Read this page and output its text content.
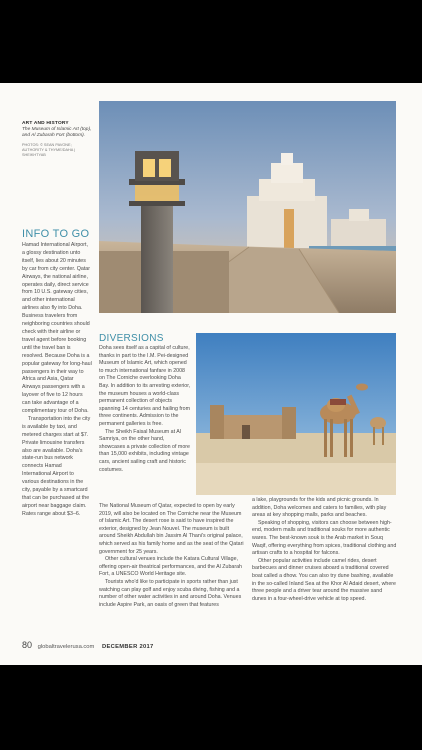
ART AND HISTORY
The Museum of Islamic Art (top), and Al Zubarah Fort (bottom).
PHOTOS: © SEAN PAVONE; AUTHORITY & THYME/DAHA | SHEIKHTYAB
INFO TO GO

Hamad International Airport, a glossy destination unto itself, lies about 20 minutes by car from city center. Qatar Airways, the national airline, operates daily, direct service from 10 U.S. gateway cities, and other international airlines also fly into Doha. Business travelers from neighboring countries should check with their airline or travel agent before booking until the travel ban is resolved. Because Doha is a popular gateway for long-haul passengers in their way to Africa and Asia, Qatar Airways passengers with a layover of five to 12 hours can take advantage of a complimentary tour of Doha.

Transportation into the city is available by taxi, and metered charges start at $7. Private limousine transfers also are available. Doha's state-run bus network connects Hamad International Airport to various destinations in the city, payable by a smartcard that can be purchased at the airport near baggage claim. Rates range about $3–6.

DIVERSIONS

Doha sees itself as a capital of culture, thanks in part to the I.M. Pei-designed Museum of Islamic Art, which opened to much international fanfare in 2008 on The Corniche overlooking Doha Bay. In addition to its arresting exterior, the museum houses a world-class permanent collection of objects spanning 14 centuries and hailing from three continents. Admission to the permanent galleries is free.

The Sheikh Faisal Museum at Al Samriya, on the other hand, showcases a private collection of more than 15,000 exhibits, including vintage cars, ancient sailing craft and historic costumes.

The National Museum of Qatar, expected to open by early 2019, will also be located on The Corniche near the Museum of Islamic Art. The desert rose is said to have inspired the exterior, designed by Jean Nouvel. The museum is built around Sheikh Abdullah bin Jassim Al Thani's original palace, which served as his family home and as the seat of the Qatari government for 25 years.

Other cultural venues include the Katara Cultural Village, offering open-air theatrical performances, and the Al Zubarah Fort, a UNESCO World Heritage site.

Tourists who'd like to participate in sports rather than just watching can play golf and enjoy scuba diving, fishing and a number of other water activities in and around Doha. Venues include Aspire Park, an oasis of green that features

a lake, playgrounds for the kids and picnic grounds. In addition, Doha welcomes and caters to families, with play areas at key shopping malls, parks and beaches.

Speaking of shopping, visitors can choose between high-end, modern malls and traditional souks for more authentic wares. The best-known souk is the Arab market in Souq Waqif, offering everything from spices, traditional clothing and artisan crafts to a hospital for falcons.

Other popular activities include camel rides, desert barbecues and dinner cruises aboard a traditional covered boat called a dhow. You can also try dune bashing, available in the so-called Inland Sea at the Khor Al Adaid desert, where three people and a driver tear around the massive sand dunes in a four-wheel-drive vehicle at top speed.

80 globaltravelerusa.com DECEMBER 2017
